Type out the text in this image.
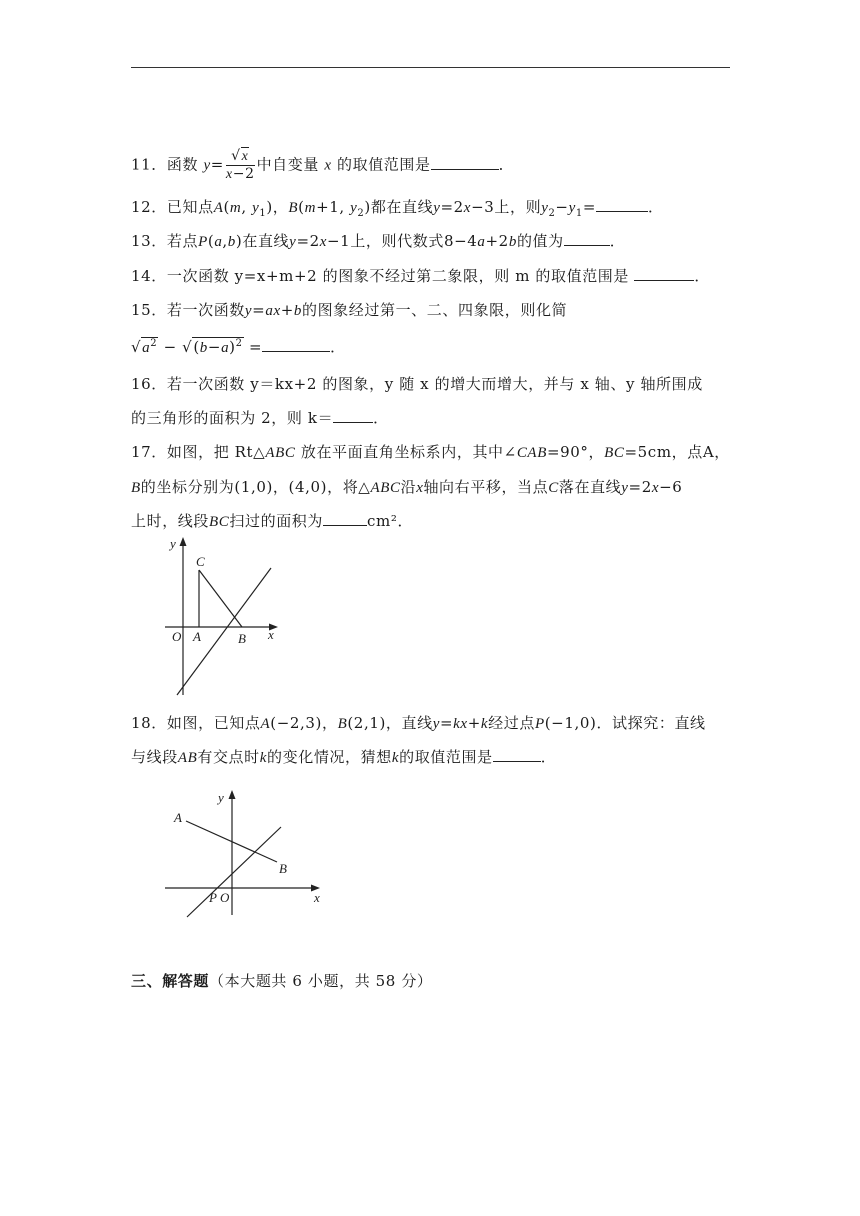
11．函数 $y= \frac{√x}{x-2}$ 中自变量 x 的取值范围是	．
12．已知点A(m, $y_1$)，B(m+1, $y_2$)都在直线y=2x−3上，则$y_2-y_1=$	．
13．若点P(a,b)在直线y=2x−1上，则代数式8−4a+2b的值为	．
14．一次函数 y=x+m+2 的图象不经过第二象限，则 m 的取值范围是	．
15．若一次函数y=ax+b的图象经过第一、二、四象限，则化简
$√a^2 - √(b-a)^2$ =	．
16．若一次函数 y＝kx+2 的图象，y 随 x 的增大而增大，并与 x 轴、y 轴所围成
的三角形的面积为 2，则 k＝	．
17．如图，把 Rt△ABC 放在平面直角坐标系内，其中∠CAB=90°，BC=5cm，点A，
B的坐标分别为(1,0)，(4,0)，将△ABC沿x轴向右平移，当点C落在直线y=2x−6
上时，线段BC扫过的面积为	cm²．
y
x
C
O A	B
18．如图，已知点A(−2,3)，B(2,1)，直线y=kx+k经过点P(−1,0)．试探究：直线
与线段AB有交点时k的变化情况，猜想k的取值范围是	．
y
x
A
B
P O
三、解答题（本大题共 6 小题，共 58 分）
